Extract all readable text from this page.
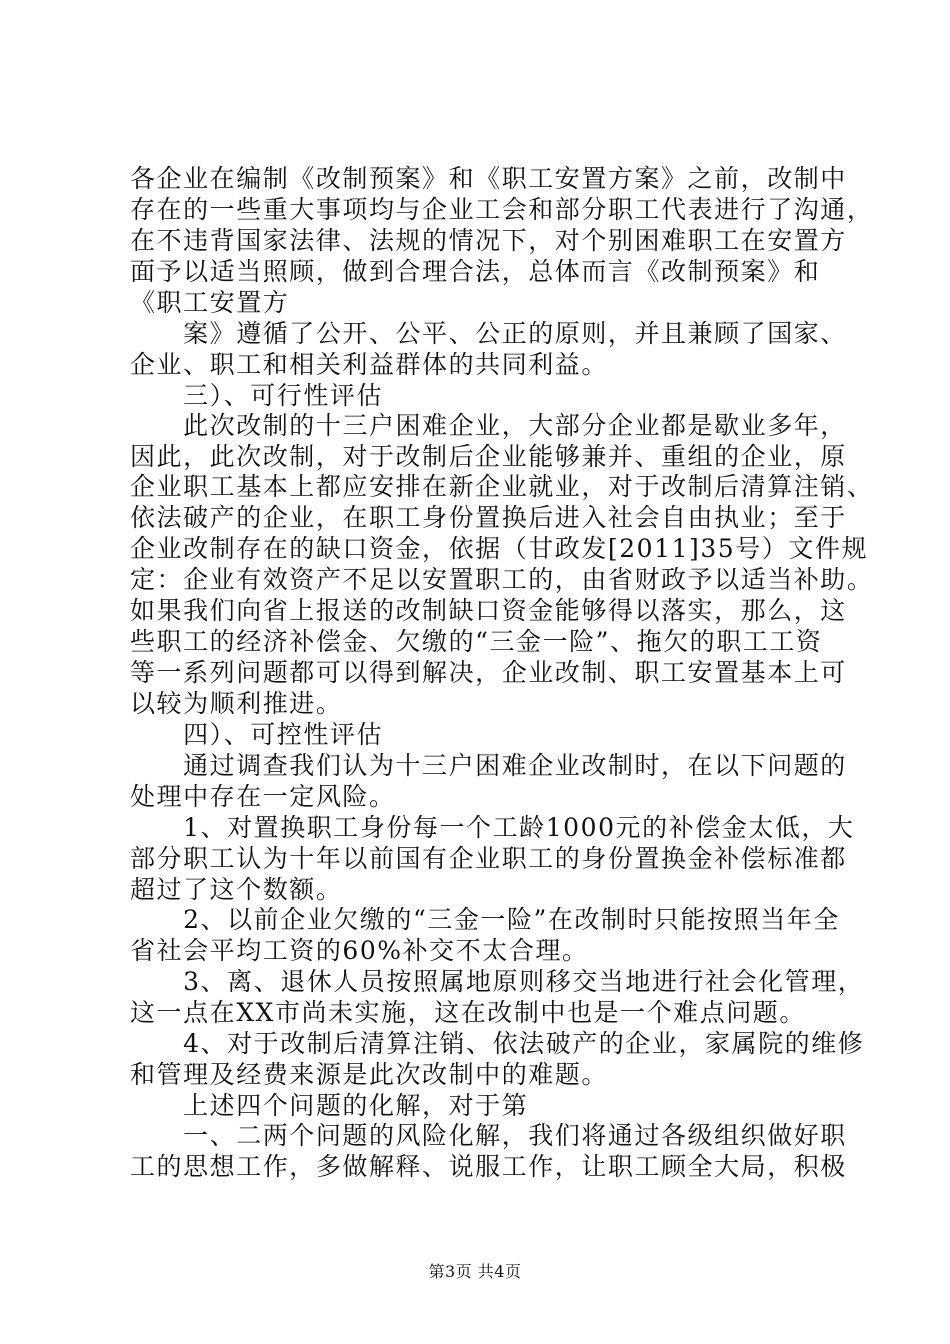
各企业在编制《改制预案》和《职工安置方案》之前，改制中
存在的一些重大事项均与企业工会和部分职工代表进行了沟通，
在不违背国家法律、法规的情况下，对个别困难职工在安置方
面予以适当照顾，做到合理合法，总体而言《改制预案》和
《职工安置方
　　案》遵循了公开、公平、公正的原则，并且兼顾了国家、
企业、职工和相关利益群体的共同利益。
　　三）、可行性评估
　　此次改制的十三户困难企业，大部分企业都是歇业多年，
因此，此次改制，对于改制后企业能够兼并、重组的企业，原
企业职工基本上都应安排在新企业就业，对于改制后清算注销、
依法破产的企业，在职工身份置换后进入社会自由执业；至于
企业改制存在的缺口资金，依据（甘政发[2011]35号）文件规
定：企业有效资产不足以安置职工的，由省财政予以适当补助。
如果我们向省上报送的改制缺口资金能够得以落实，那么，这
些职工的经济补偿金、欠缴的“三金一险”、拖欠的职工工资
等一系列问题都可以得到解决，企业改制、职工安置基本上可
以较为顺利推进。
　　四）、可控性评估
　　通过调查我们认为十三户困难企业改制时，在以下问题的
处理中存在一定风险。
　　1、对置换职工身份每一个工龄1000元的补偿金太低，大
部分职工认为十年以前国有企业职工的身份置换金补偿标准都
超过了这个数额。
　　2、以前企业欠缴的“三金一险”在改制时只能按照当年全
省社会平均工资的60%补交不太合理。
　　3、离、退休人员按照属地原则移交当地进行社会化管理，
这一点在XX市尚未实施，这在改制中也是一个难点问题。
　　4、对于改制后清算注销、依法破产的企业，家属院的维修
和管理及经费来源是此次改制中的难题。
　　上述四个问题的化解，对于第
　　一、二两个问题的风险化解，我们将通过各级组织做好职
工的思想工作，多做解释、说服工作，让职工顾全大局，积极
第3页 共4页
